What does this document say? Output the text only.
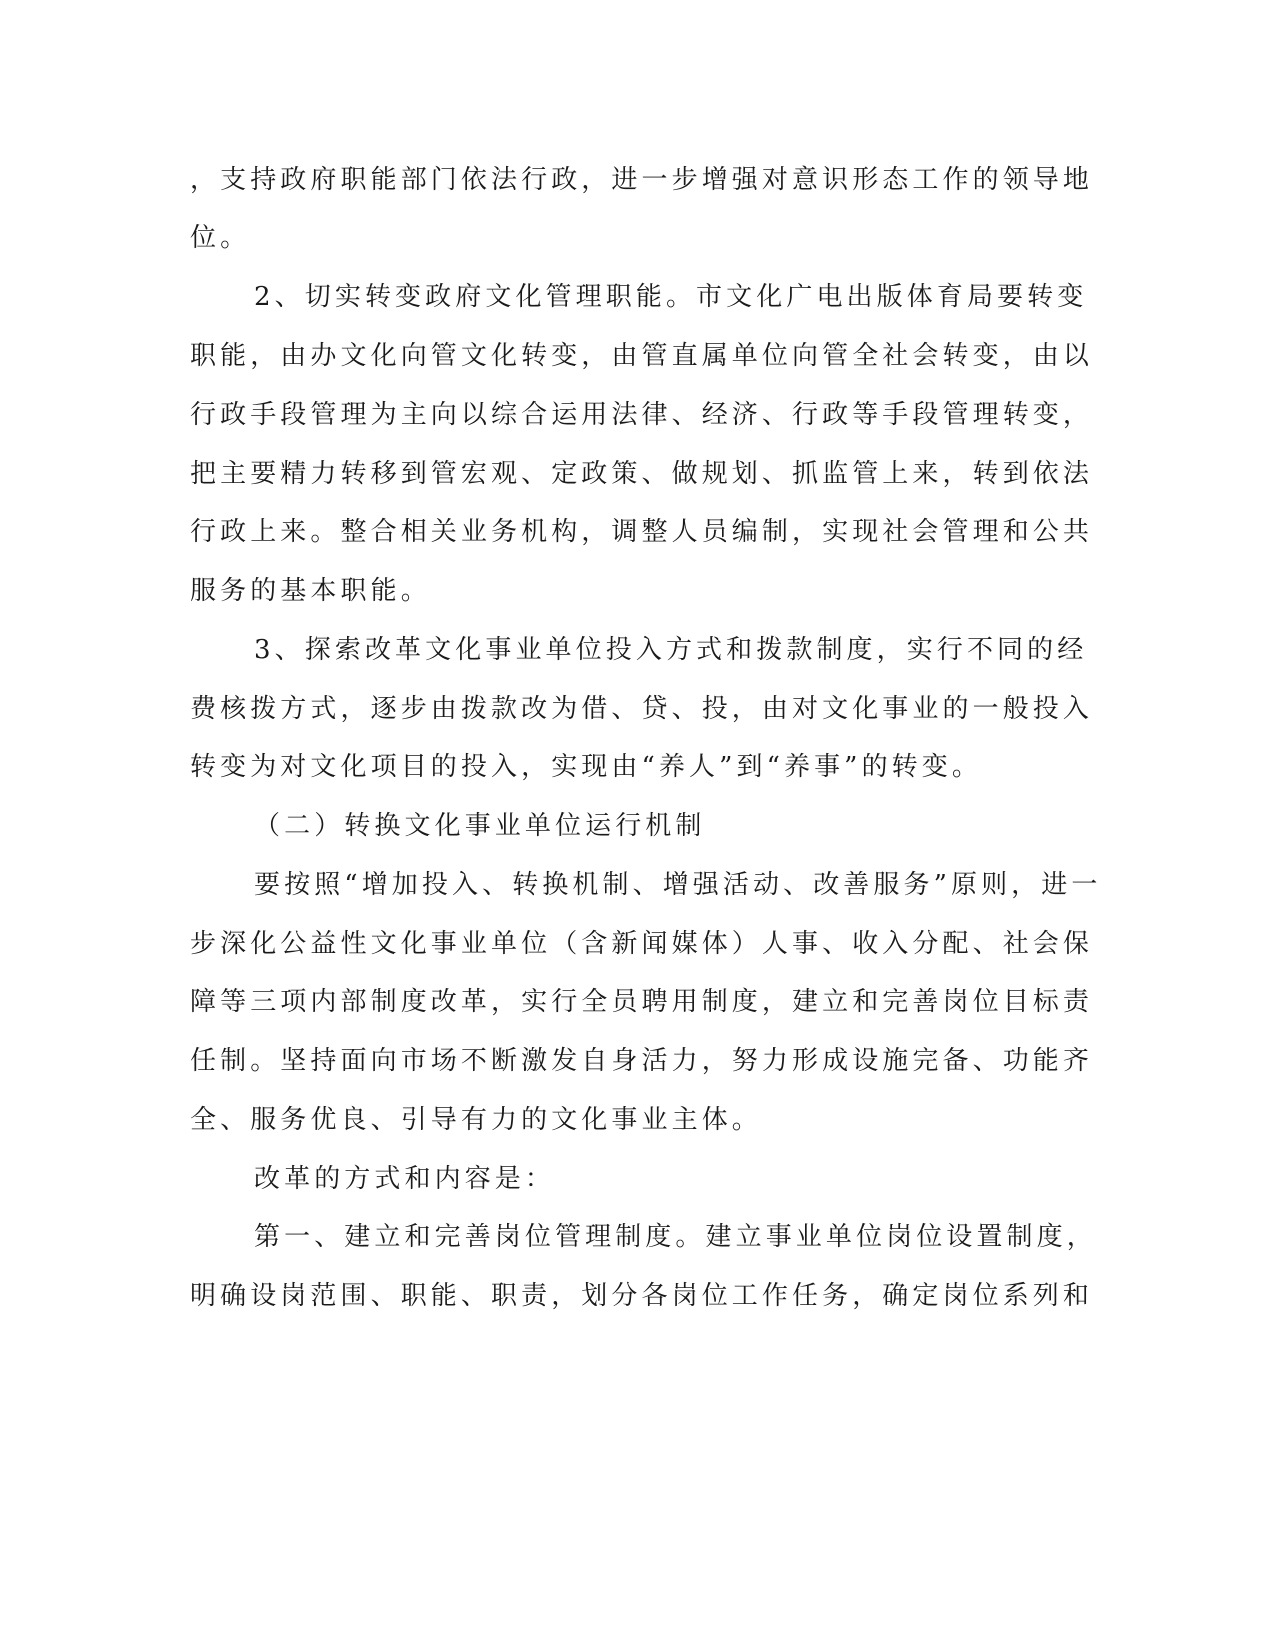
，支持政府职能部门依法行政，进一步增强对意识形态工作的领导地

位。

2、切实转变政府文化管理职能。市文化广电出版体育局要转变

职能，由办文化向管文化转变，由管直属单位向管全社会转变，由以

行政手段管理为主向以综合运用法律、经济、行政等手段管理转变，

把主要精力转移到管宏观、定政策、做规划、抓监管上来，转到依法

行政上来。整合相关业务机构，调整人员编制，实现社会管理和公共

服务的基本职能。

3、探索改革文化事业单位投入方式和拨款制度，实行不同的经

费核拨方式，逐步由拨款改为借、贷、投，由对文化事业的一般投入

转变为对文化项目的投入，实现由“养人”到“养事”的转变。

（二）转换文化事业单位运行机制

要按照“增加投入、转换机制、增强活动、改善服务”原则，进一

步深化公益性文化事业单位（含新闻媒体）人事、收入分配、社会保

障等三项内部制度改革，实行全员聘用制度，建立和完善岗位目标责

任制。坚持面向市场不断激发自身活力，努力形成设施完备、功能齐

全、服务优良、引导有力的文化事业主体。

改革的方式和内容是：

第一、建立和完善岗位管理制度。建立事业单位岗位设置制度，

明确设岗范围、职能、职责，划分各岗位工作任务，确定岗位系列和
